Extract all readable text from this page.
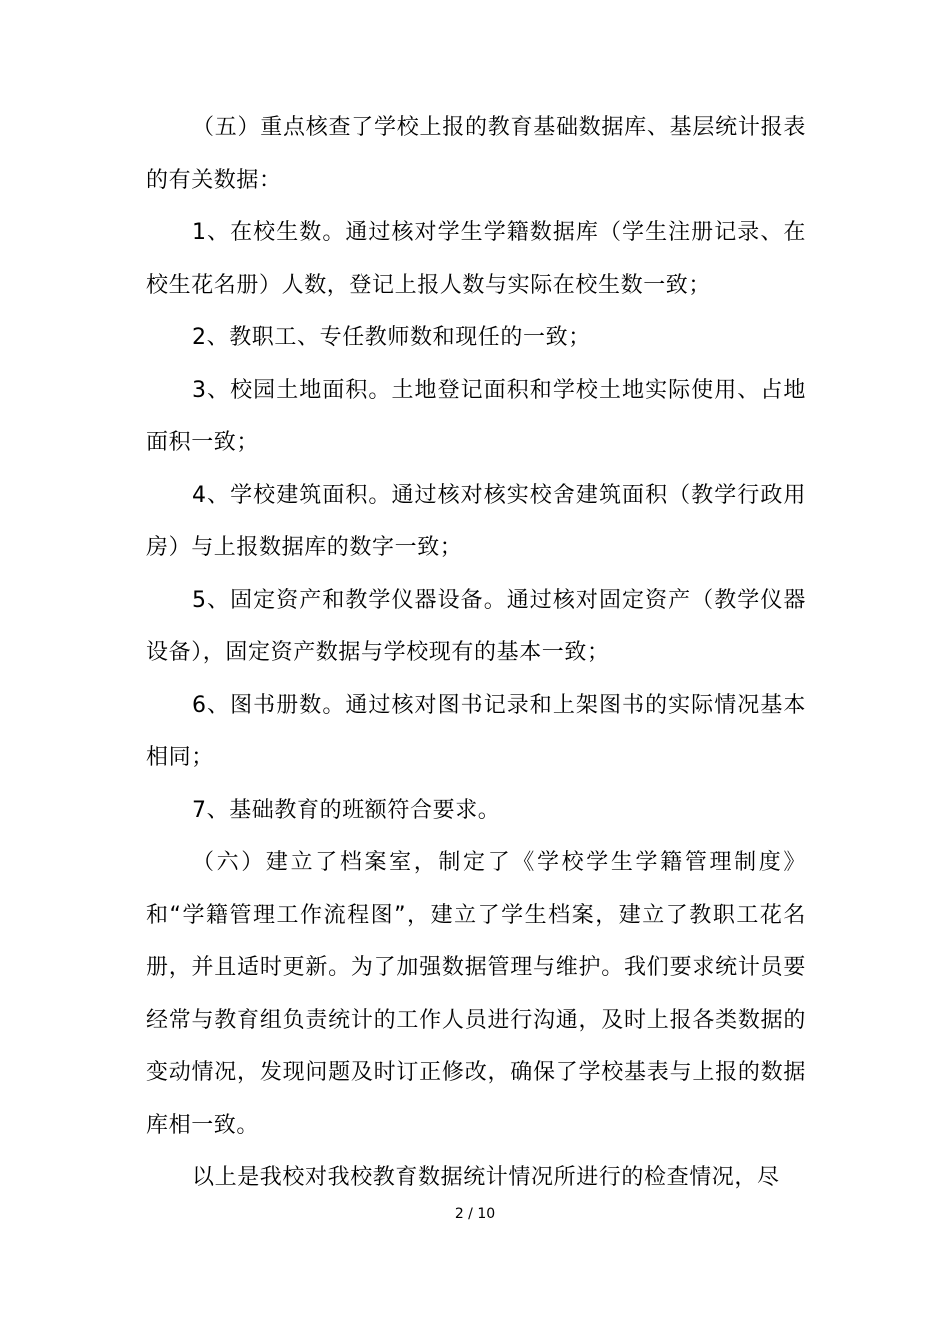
（五）重点核查了学校上报的教育基础数据库、基层统计报表的有关数据：

1、在校生数。通过核对学生学籍数据库（学生注册记录、在校生花名册）人数，登记上报人数与实际在校生数一致；

2、教职工、专任教师数和现任的一致；

3、校园土地面积。土地登记面积和学校土地实际使用、占地面积一致；

4、学校建筑面积。通过核对核实校舍建筑面积（教学行政用房）与上报数据库的数字一致；

5、固定资产和教学仪器设备。通过核对固定资产（教学仪器设备），固定资产数据与学校现有的基本一致；

6、图书册数。通过核对图书记录和上架图书的实际情况基本相同；

7、基础教育的班额符合要求。

（六）建立了档案室，制定了《学校学生学籍管理制度》和“学籍管理工作流程图”，建立了学生档案，建立了教职工花名册，并且适时更新。为了加强数据管理与维护。我们要求统计员要经常与教育组负责统计的工作人员进行沟通，及时上报各类数据的变动情况，发现问题及时订正修改，确保了学校基表与上报的数据库相一致。

以上是我校对我校教育数据统计情况所进行的检查情况，尽

2 / 10
